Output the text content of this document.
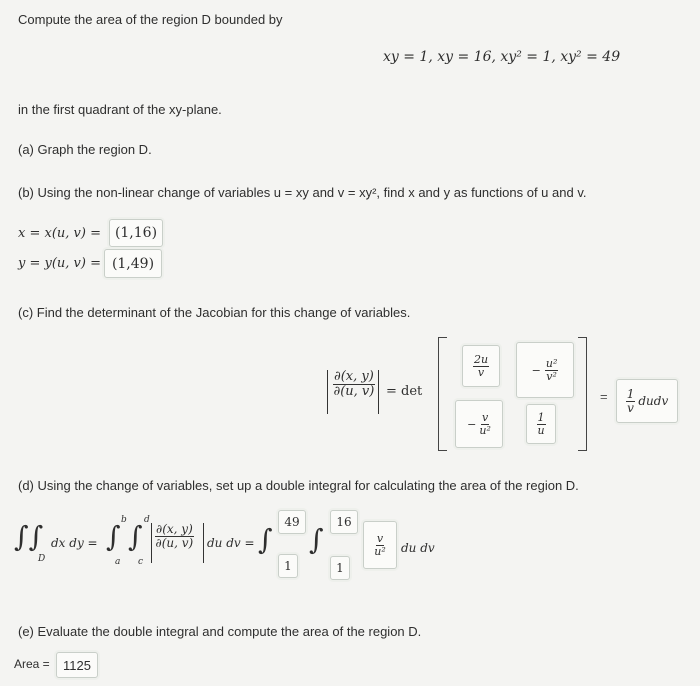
Compute the area of the region D bounded by
xy = 1, xy = 16, xy² = 1, xy² = 49
in the first quadrant of the xy-plane.
(a) Graph the region D.
(b) Using the non-linear change of variables u = xy and v = xy², find x and y as functions of u and v.
x = x(u, v) = (1,16)
y = y(u, v) = (1,49)
(c) Find the determinant of the Jacobian for this change of variables.
$\frac{\partial(x, y)}{\partial(u, v)} = \det$
$\frac{2u}{v}$	− $\frac{\text{u²}}{\text{v²}}$
− $\frac{v}{\text{u²}}$	$\frac{1}{u}$
= $\frac{1}{v}$ dudv
(d) Using the change of variables, set up a double integral for calculating the area of the region D.
∫∫
D
dx dy = ∫ b
a
∫ d
c
$\frac{\partial(x, y)}{\partial(u, v)}$ du dv = ∫
49
1
∫
16
1
$\frac{v}{\text{u²}}$ du dv
(e) Evaluate the double integral and compute the area of the region D.
Area =	1125
